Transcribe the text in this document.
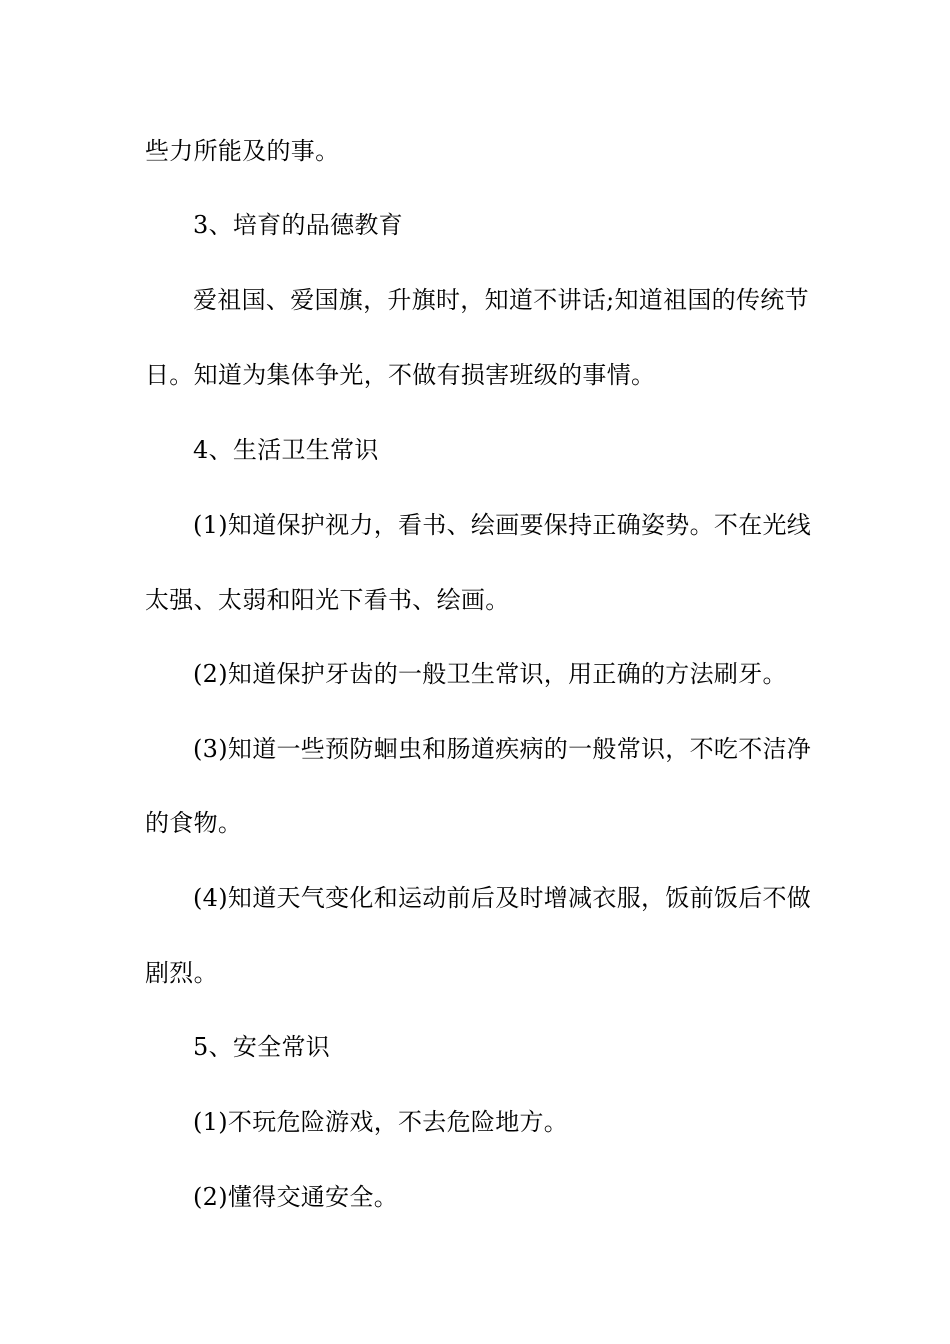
些力所能及的事。
3、培育的品德教育
爱祖国、爱国旗，升旗时，知道不讲话;知道祖国的传统节
日。知道为集体争光，不做有损害班级的事情。
4、生活卫生常识
(1)知道保护视力，看书、绘画要保持正确姿势。不在光线
太强、太弱和阳光下看书、绘画。
(2)知道保护牙齿的一般卫生常识，用正确的方法刷牙。
(3)知道一些预防蛔虫和肠道疾病的一般常识，不吃不洁净
的食物。
(4)知道天气变化和运动前后及时增减衣服，饭前饭后不做
剧烈。
5、安全常识
(1)不玩危险游戏，不去危险地方。
(2)懂得交通安全。
